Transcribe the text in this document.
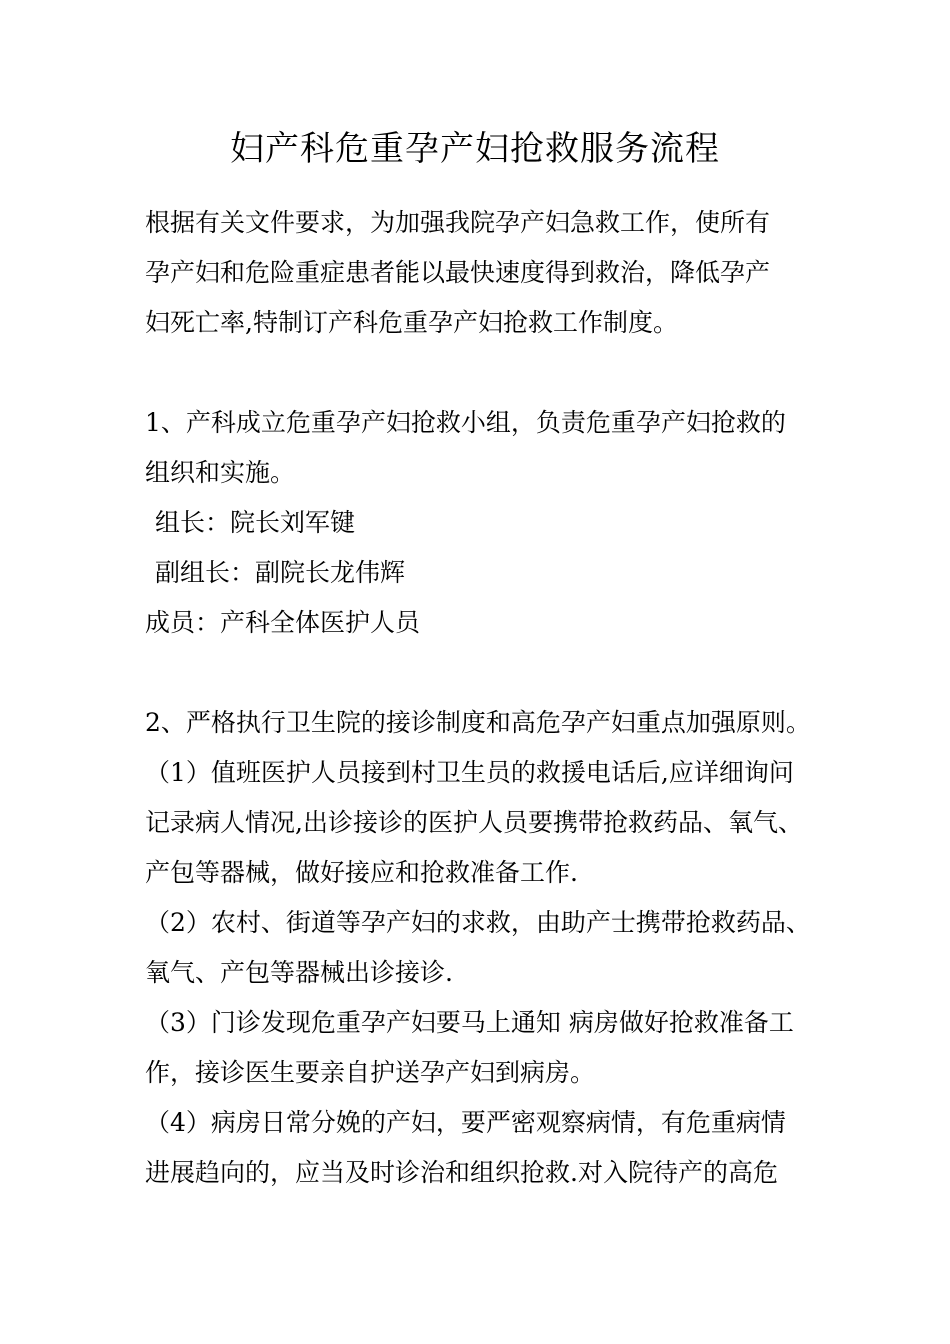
妇产科危重孕产妇抢救服务流程

根据有关文件要求，为加强我院孕产妇急救工作，使所有

孕产妇和危险重症患者能以最快速度得到救治，降低孕产

妇死亡率,特制订产科危重孕产妇抢救工作制度。

1、产科成立危重孕产妇抢救小组，负责危重孕产妇抢救的

组织和实施。

组长：院长刘军键

副组长：副院长龙伟辉

成员：产科全体医护人员

2、严格执行卫生院的接诊制度和高危孕产妇重点加强原则。

（1）值班医护人员接到村卫生员的救援电话后,应详细询问

记录病人情况,出诊接诊的医护人员要携带抢救药品、氧气、

产包等器械，做好接应和抢救准备工作.

（2）农村、街道等孕产妇的求救，由助产士携带抢救药品、

氧气、产包等器械出诊接诊.

（3）门诊发现危重孕产妇要马上通知 病房做好抢救准备工

作，接诊医生要亲自护送孕产妇到病房。

（4）病房日常分娩的产妇，要严密观察病情，有危重病情

进展趋向的，应当及时诊治和组织抢救.对入院待产的高危
